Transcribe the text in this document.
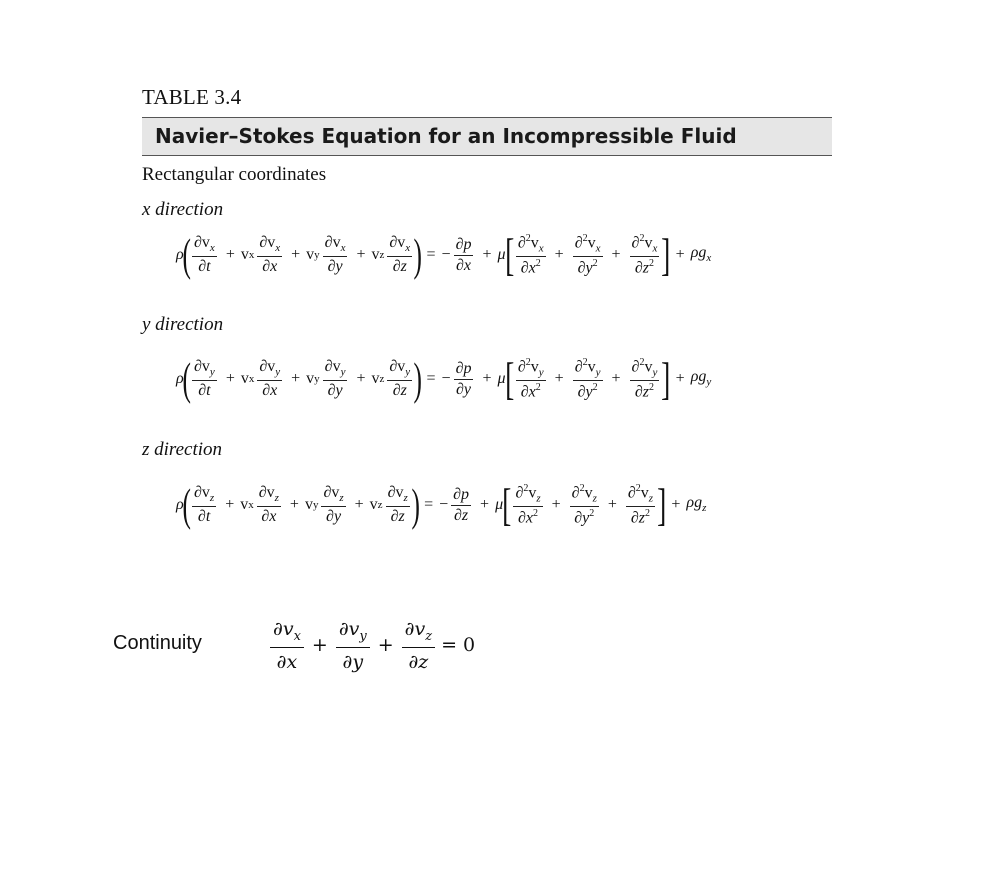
TABLE 3.4
Navier–Stokes Equation for an Incompressible Fluid
Rectangular coordinates
x direction
ρ
( $\frac{\partial v_x}{\partial t} + v$ x $\frac{\partial v_x}{\partial x} + v$ y $\frac{\partial v_x}{\partial y} + v$ z $\frac{\partial v_x}{\partial z}$ ) = − $\frac{\partial p}{\partial x} + \mu$ [ $\frac{\partial^2v_x}{\partial x^2} + \frac{\partial^2v_x}{\partial y^2} + \frac{\partial^2v_x}{\partial z^2}$ ] + $\rho g_x$
y direction
ρ
( $\frac{\partial v_y}{\partial t} + v$ x $\frac{\partial v_y}{\partial x} + v$ y $\frac{\partial v_y}{\partial y} + v$ z $\frac{\partial v_y}{\partial z}$ ) = − $\frac{\partial p}{\partial y} + \mu$ [ $\frac{\partial^2v_y}{\partial x^2} + \frac{\partial^2v_y}{\partial y^2} + \frac{\partial^2v_y}{\partial z^2}$ ] + $\rho g_y$
z direction
ρ
( $\frac{\partial v_z}{\partial t} + v$ x $\frac{\partial v_z}{\partial x} + v$ y $\frac{\partial v_z}{\partial y} + v$ z $\frac{\partial v_z}{\partial z}$ ) = − $\frac{\partial p}{\partial z} + \mu$ [ $\frac{\partial^2v_z}{\partial x^2} + \frac{\partial^2v_z}{\partial y^2} + \frac{\partial^2v_z}{\partial z^2}$ ] + $\rho g_z$
Continuity	$\frac{\partial v_x}{\partial x} + \frac{\partial v_y}{\partial y} + \frac{\partial v_z}{\partial z} = 0$
